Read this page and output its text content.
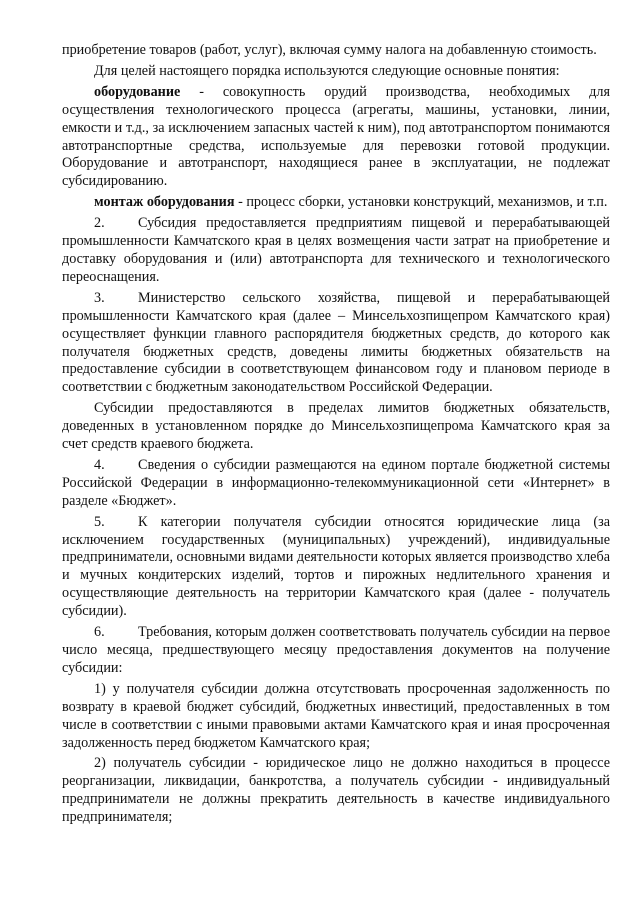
приобретение товаров (работ, услуг), включая сумму налога на добавленную стоимость.

Для целей настоящего порядка используются следующие основные понятия:

оборудование - совокупность орудий производства, необходимых для осуществления технологического процесса (агрегаты, машины, установки, линии, емкости и т.д., за исключением запасных частей к ним), под автотранспортом понимаются автотранспортные средства, используемые для перевозки готовой продукции. Оборудование и автотранспорт, находящиеся ранее в эксплуатации, не подлежат субсидированию.

монтаж оборудования - процесс сборки, установки конструкций, механизмов, и т.п.

2. Субсидия предоставляется предприятиям пищевой и перерабатывающей промышленности Камчатского края в целях возмещения части затрат на приобретение и доставку оборудования и (или) автотранспорта для технического и технологического переоснащения.

3. Министерство сельского хозяйства, пищевой и перерабатывающей промышленности Камчатского края (далее – Минсельхозпищепром Камчатского края) осуществляет функции главного распорядителя бюджетных средств, до которого как получателя бюджетных средств, доведены лимиты бюджетных обязательств на предоставление субсидии в соответствующем финансовом году и плановом периоде в соответствии с бюджетным законодательством Российской Федерации.

Субсидии предоставляются в пределах лимитов бюджетных обязательств, доведенных в установленном порядке до Минсельхозпищепрома Камчатского края за счет средств краевого бюджета.

4. Сведения о субсидии размещаются на едином портале бюджетной системы Российской Федерации в информационно-телекоммуникационной сети «Интернет» в разделе «Бюджет».

5. К категории получателя субсидии относятся юридические лица (за исключением государственных (муниципальных) учреждений), индивидуальные предприниматели, основными видами деятельности которых является производство хлеба и мучных кондитерских изделий, тортов и пирожных недлительного хранения и осуществляющие деятельность на территории Камчатского края (далее - получатель субсидии).

6. Требования, которым должен соответствовать получатель субсидии на первое число месяца, предшествующего месяцу предоставления документов на получение субсидии:

1) у получателя субсидии должна отсутствовать просроченная задолженность по возврату в краевой бюджет субсидий, бюджетных инвестиций, предоставленных в том числе в соответствии с иными правовыми актами Камчатского края и иная просроченная задолженность перед бюджетом Камчатского края;

2) получатель субсидии - юридическое лицо не должно находиться в процессе реорганизации, ликвидации, банкротства, а получатель субсидии - индивидуальный предприниматели не должны прекратить деятельность в качестве индивидуального предпринимателя;
